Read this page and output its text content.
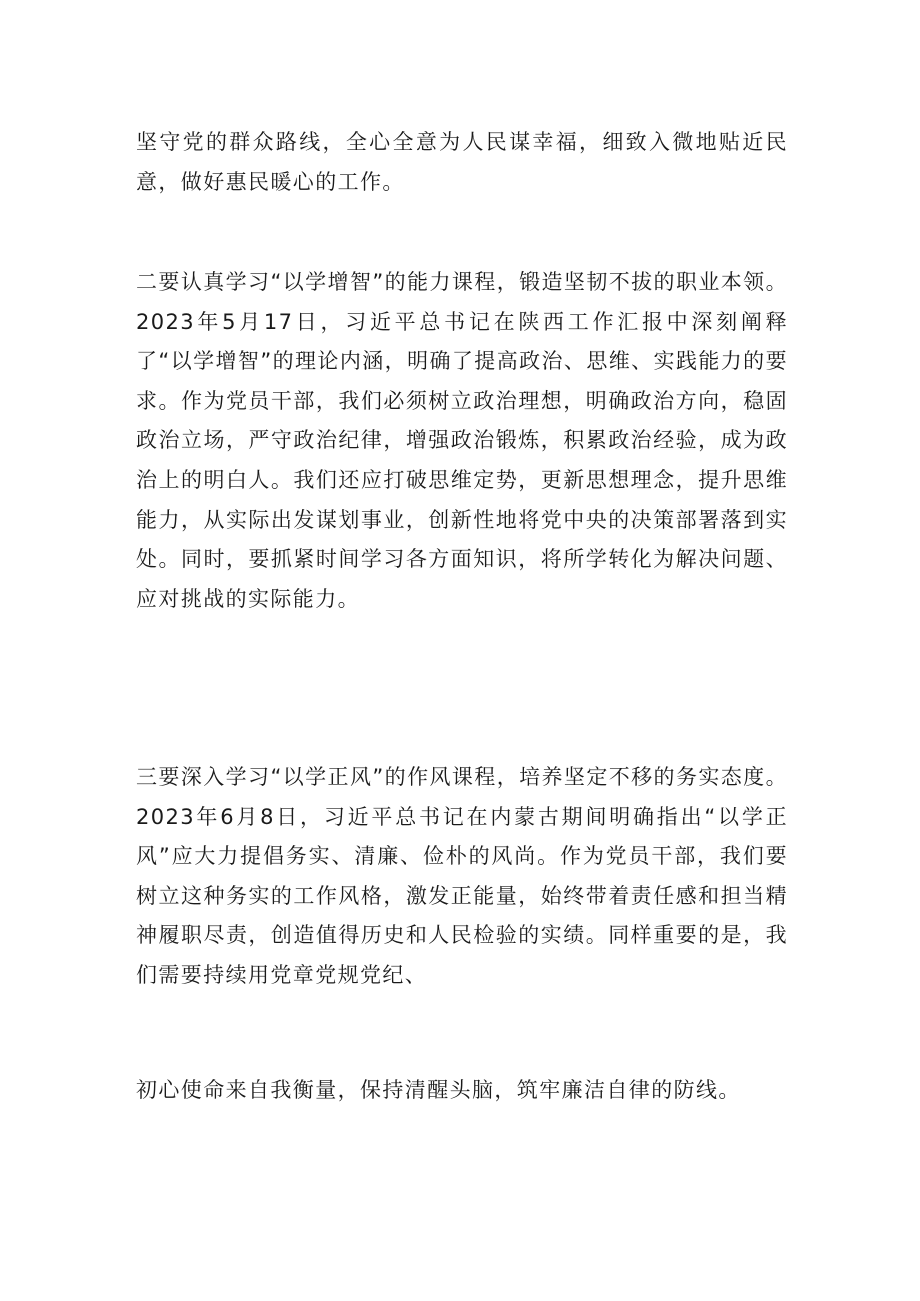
坚守党的群众路线，全心全意为人民谋幸福，细致入微地贴近民意，做好惠民暖心的工作。

二要认真学习“以学增智”的能力课程，锻造坚韧不拔的职业本领。2023年5月17日，习近平总书记在陕西工作汇报中深刻阐释了“以学增智”的理论内涵，明确了提高政治、思维、实践能力的要求。作为党员干部，我们必须树立政治理想，明确政治方向，稳固政治立场，严守政治纪律，增强政治锻炼，积累政治经验，成为政治上的明白人。我们还应打破思维定势，更新思想理念，提升思维能力，从实际出发谋划事业，创新性地将党中央的决策部署落到实处。同时，要抓紧时间学习各方面知识，将所学转化为解决问题、应对挑战的实际能力。

三要深入学习“以学正风”的作风课程，培养坚定不移的务实态度。2023年6月8日，习近平总书记在内蒙古期间明确指出“以学正风”应大力提倡务实、清廉、俭朴的风尚。作为党员干部，我们要树立这种务实的工作风格，激发正能量，始终带着责任感和担当精神履职尽责，创造值得历史和人民检验的实绩。同样重要的是，我们需要持续用党章党规党纪、

初心使命来自我衡量，保持清醒头脑，筑牢廉洁自律的防线。
